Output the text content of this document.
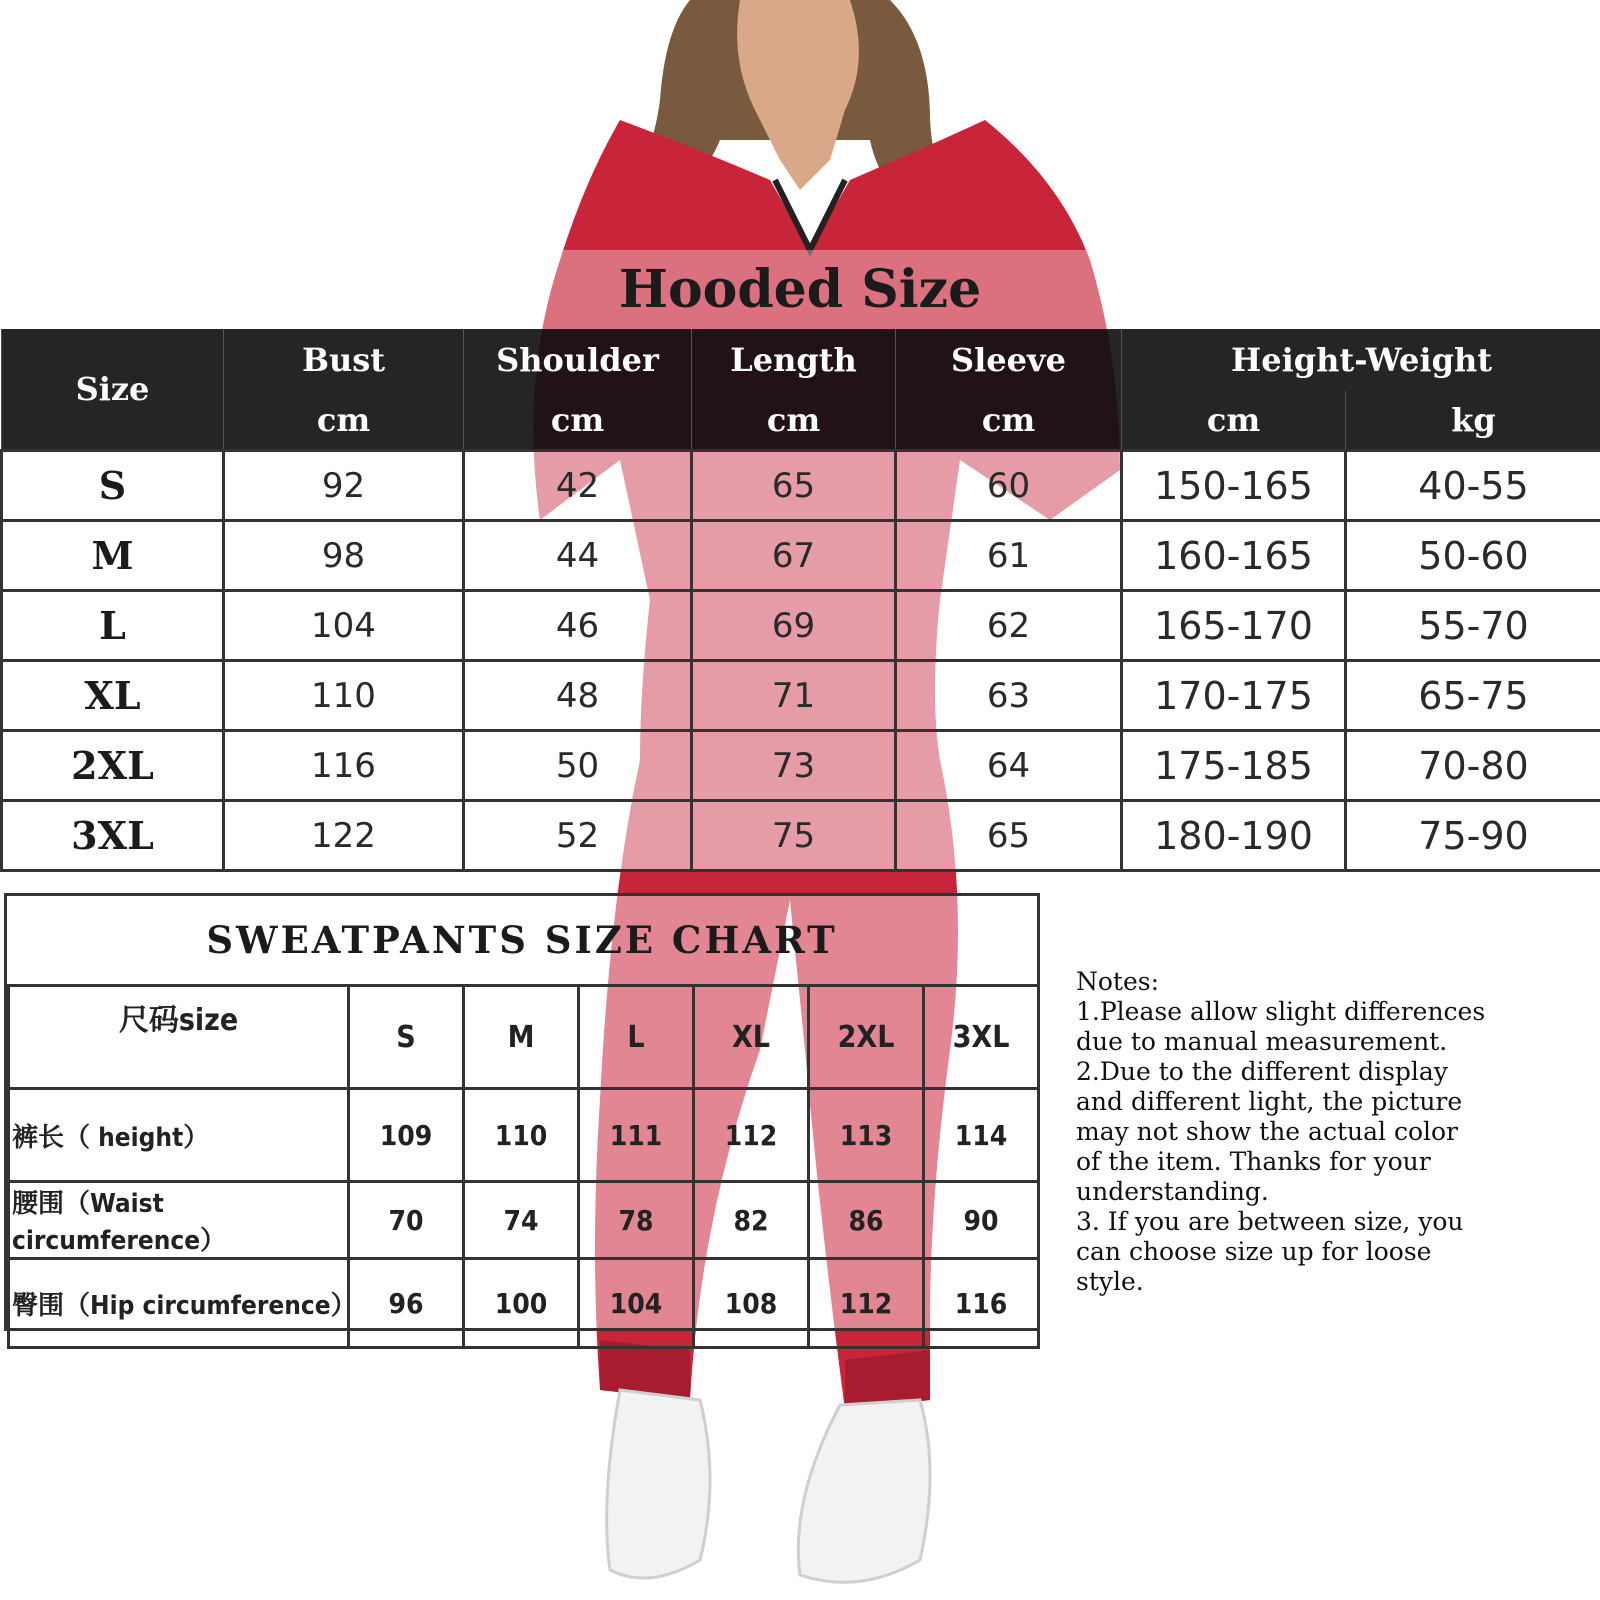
Hooded Size
Size	Bust	Shoulder	Length	Sleeve	Height-Weight	
	cm	cm	cm	cm	cm	kg
S	92	42	65	60	150-165	40-55
M	98	44	67	61	160-165	50-60
L	104	46	69	62	165-170	55-70
XL	110	48	71	63	170-175	65-75
2XL	116	50	73	64	175-185	70-80
3XL	122	52	75	65	180-190	75-90
SWEATPANTS SIZE CHART
尺码size	S	M	L	XL	2XL	3XL
裤长（ height）	109	110	111	112	113	114
腰围（Waist circumference）	70	74	78	82	86	90
臀围（Hip circumference）	96	100	104	108	112	116
Notes:
1.Please allow slight differences
due to manual measurement.
2.Due to the different display
and different light, the picture
may not show the actual color
of the item. Thanks for your
understanding.
3. If you are between size, you
can choose size up for loose
style.
